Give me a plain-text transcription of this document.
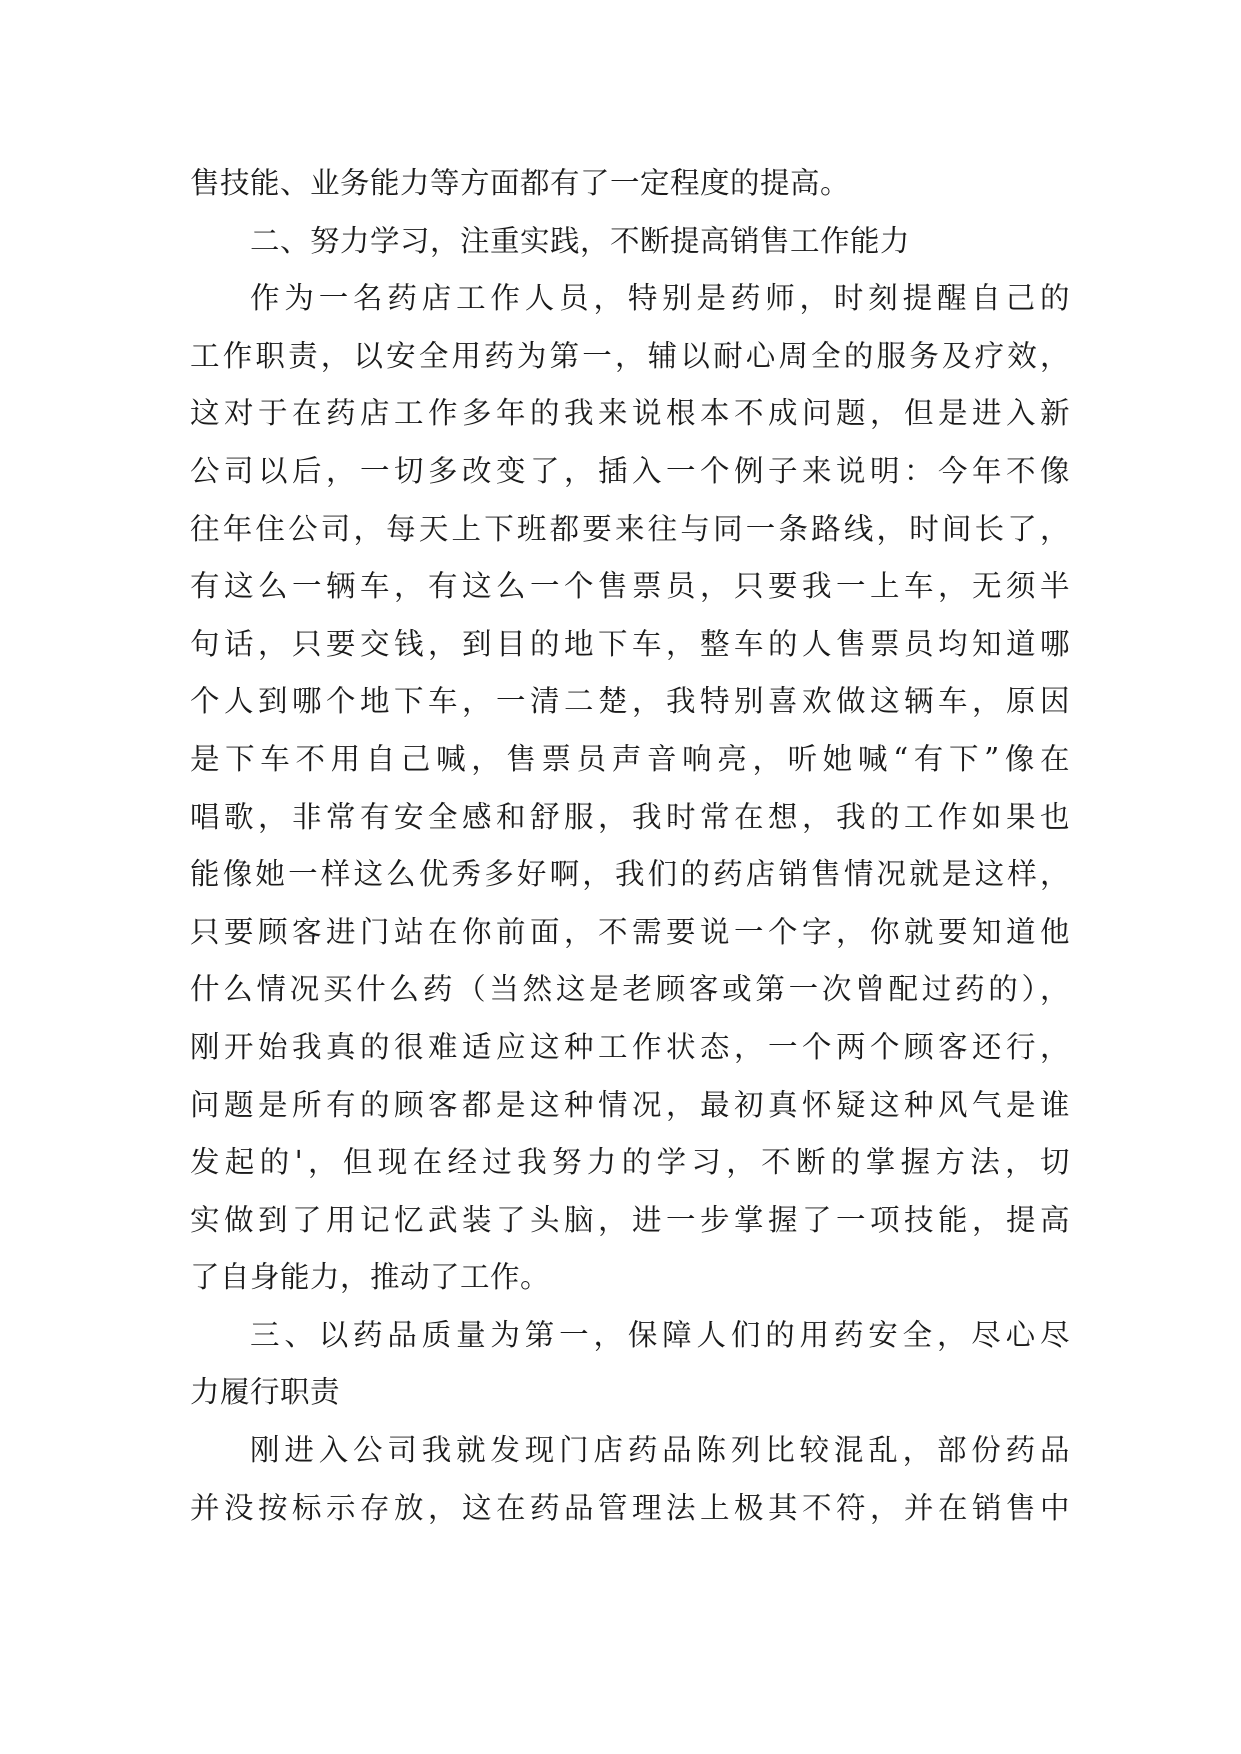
售技能、业务能力等方面都有了一定程度的提高。
二、努力学习，注重实践，不断提高销售工作能力
作为一名药店工作人员，特别是药师，时刻提醒自己的
工作职责，以安全用药为第一，辅以耐心周全的服务及疗效，
这对于在药店工作多年的我来说根本不成问题，但是进入新
公司以后，一切多改变了，插入一个例子来说明：今年不像
往年住公司，每天上下班都要来往与同一条路线，时间长了，
有这么一辆车，有这么一个售票员，只要我一上车，无须半
句话，只要交钱，到目的地下车，整车的人售票员均知道哪
个人到哪个地下车，一清二楚，我特别喜欢做这辆车，原因
是下车不用自己喊，售票员声音响亮，听她喊“有下”像在
唱歌，非常有安全感和舒服，我时常在想，我的工作如果也
能像她一样这么优秀多好啊，我们的药店销售情况就是这样，
只要顾客进门站在你前面，不需要说一个字，你就要知道他
什么情况买什么药（当然这是老顾客或第一次曾配过药的），
刚开始我真的很难适应这种工作状态，一个两个顾客还行，
问题是所有的顾客都是这种情况，最初真怀疑这种风气是谁
发起的'，但现在经过我努力的学习，不断的掌握方法，切
实做到了用记忆武装了头脑，进一步掌握了一项技能，提高
了自身能力，推动了工作。
三、以药品质量为第一，保障人们的用药安全，尽心尽
力履行职责
刚进入公司我就发现门店药品陈列比较混乱，部份药品
并没按标示存放，这在药品管理法上极其不符，并在销售中
